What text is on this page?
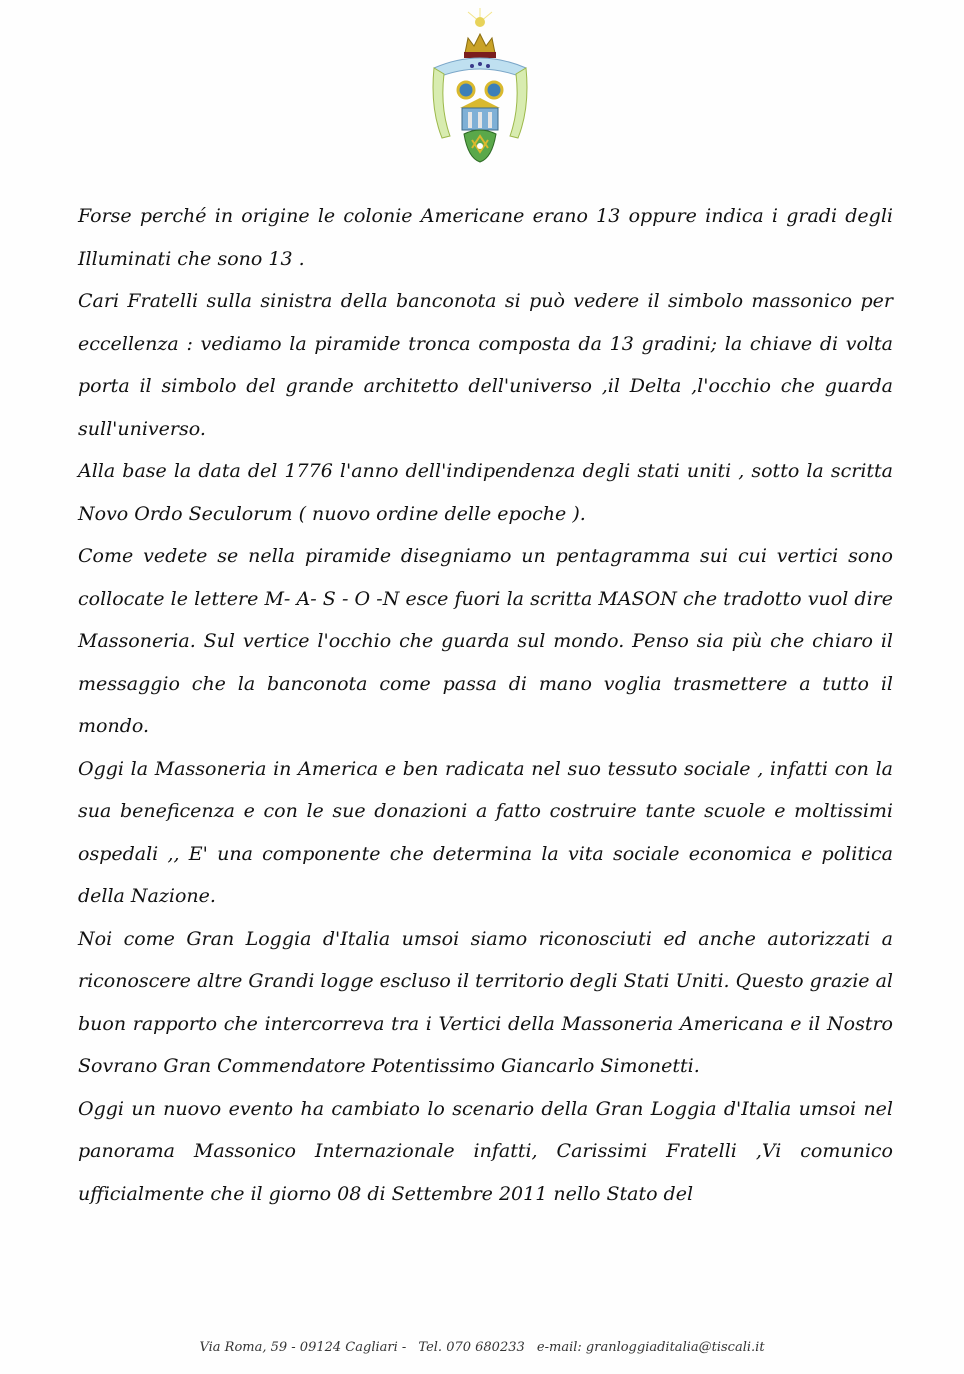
Forse perché in origine le colonie Americane erano 13 oppure indica i gradi degli Illuminati che sono 13 .

Cari Fratelli sulla sinistra della banconota si può vedere il simbolo massonico per eccellenza : vediamo la piramide tronca composta da 13 gradini; la chiave di volta porta il simbolo del grande architetto dell'universo ,il Delta ,l'occhio che guarda sull'universo.

Alla base la data del 1776 l'anno dell'indipendenza degli stati uniti , sotto la scritta Novo Ordo Seculorum ( nuovo ordine delle epoche ).

Come vedete se nella piramide disegniamo un pentagramma sui cui vertici sono collocate le lettere M- A- S - O -N esce fuori la scritta MASON che tradotto vuol dire Massoneria. Sul vertice l'occhio che guarda sul mondo. Penso sia più che chiaro il messaggio che la banconota come passa di mano voglia trasmettere a tutto il mondo.

Oggi la Massoneria in America e ben radicata nel suo tessuto sociale , infatti con la sua beneficenza e con le sue donazioni a fatto costruire tante scuole e moltissimi ospedali ,, E' una componente che determina la vita sociale economica e politica della Nazione.

Noi come Gran Loggia d'Italia umsoi siamo riconosciuti ed anche autorizzati a riconoscere altre Grandi logge escluso il territorio degli Stati Uniti. Questo grazie al buon rapporto che intercorreva tra i Vertici della Massoneria Americana e il Nostro Sovrano Gran Commendatore Potentissimo Giancarlo Simonetti.

Oggi un nuovo evento ha cambiato lo scenario della Gran Loggia d'Italia umsoi nel panorama Massonico Internazionale infatti, Carissimi Fratelli ,Vi comunico ufficialmente che il giorno 08 di Settembre 2011 nello Stato del

Via Roma, 59 - 09124 Cagliari - Tel. 070 680233 e-mail: granloggiaditalia@tiscali.it
